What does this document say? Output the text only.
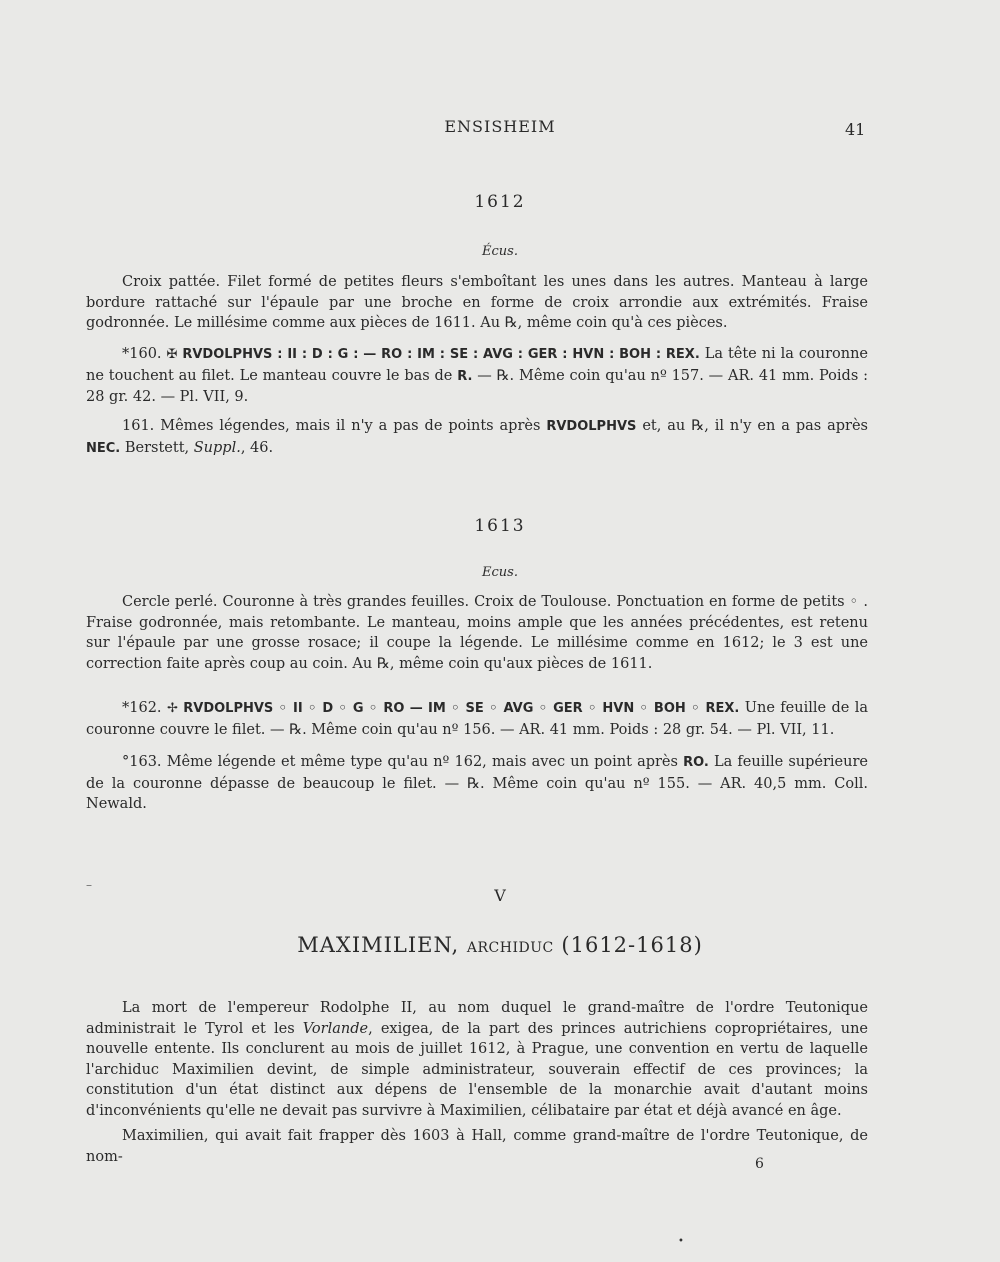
ENSISHEIM	41
1612
Écus.

Croix pattée. Filet formé de petites fleurs s'emboîtant les unes dans les autres. Manteau à large bordure rattaché sur l'épaule par une broche en forme de croix arrondie aux extrémités. Fraise godronnée. Le millésime comme aux pièces de 1611. Au ℞, même coin qu'à ces pièces.

*160. ✠ RVDOLPHVS : II : D : G : — RO : IM : SE : AVG : GER : HVN : BOH : REX. La tête ni la couronne ne touchent au filet. Le manteau couvre le bas de R. — ℞. Même coin qu'au nº 157. — AR. 41 mm. Poids : 28 gr. 42. — Pl. VII, 9.

161. Mêmes légendes, mais il n'y a pas de points après RVDOLPHVS et, au ℞, il n'y en a pas après NEC. Berstett, Suppl., 46.

1613
Ecus.

Cercle perlé. Couronne à très grandes feuilles. Croix de Toulouse. Ponctuation en forme de petits ◦ . Fraise godronnée, mais retombante. Le manteau, moins ample que les années précédentes, est retenu sur l'épaule par une grosse rosace; il coupe la légende. Le millésime comme en 1612; le 3 est une correction faite après coup au coin. Au ℞, même coin qu'aux pièces de 1611.

*162. ✢ RVDOLPHVS ◦ II ◦ D ◦ G ◦ RO — IM ◦ SE ◦ AVG ◦ GER ◦ HVN ◦ BOH ◦ REX. Une feuille de la couronne couvre le filet. — ℞. Même coin qu'au nº 156. — AR. 41 mm. Poids : 28 gr. 54. — Pl. VII, 11.

°163. Même légende et même type qu'au nº 162, mais avec un point après RO. La feuille supérieure de la couronne dépasse de beaucoup le filet. — ℞. Même coin qu'au nº 155. — AR. 40,5 mm. Coll. Newald.

–
V
MAXIMILIEN, ARCHIDUC (1612-1618)

La mort de l'empereur Rodolphe II, au nom duquel le grand-maître de l'ordre Teutonique administrait le Tyrol et les Vorlande, exigea, de la part des princes autrichiens copropriétaires, une nouvelle entente. Ils conclurent au mois de juillet 1612, à Prague, une convention en vertu de laquelle l'archiduc Maximilien devint, de simple administrateur, souverain effectif de ces provinces; la constitution d'un état distinct aux dépens de l'ensemble de la monarchie avait d'autant moins d'inconvénients qu'elle ne devait pas survivre à Maximilien, célibataire par état et déjà avancé en âge.

Maximilien, qui avait fait frapper dès 1603 à Hall, comme grand-maître de l'ordre Teutonique, de nom-	6
•
